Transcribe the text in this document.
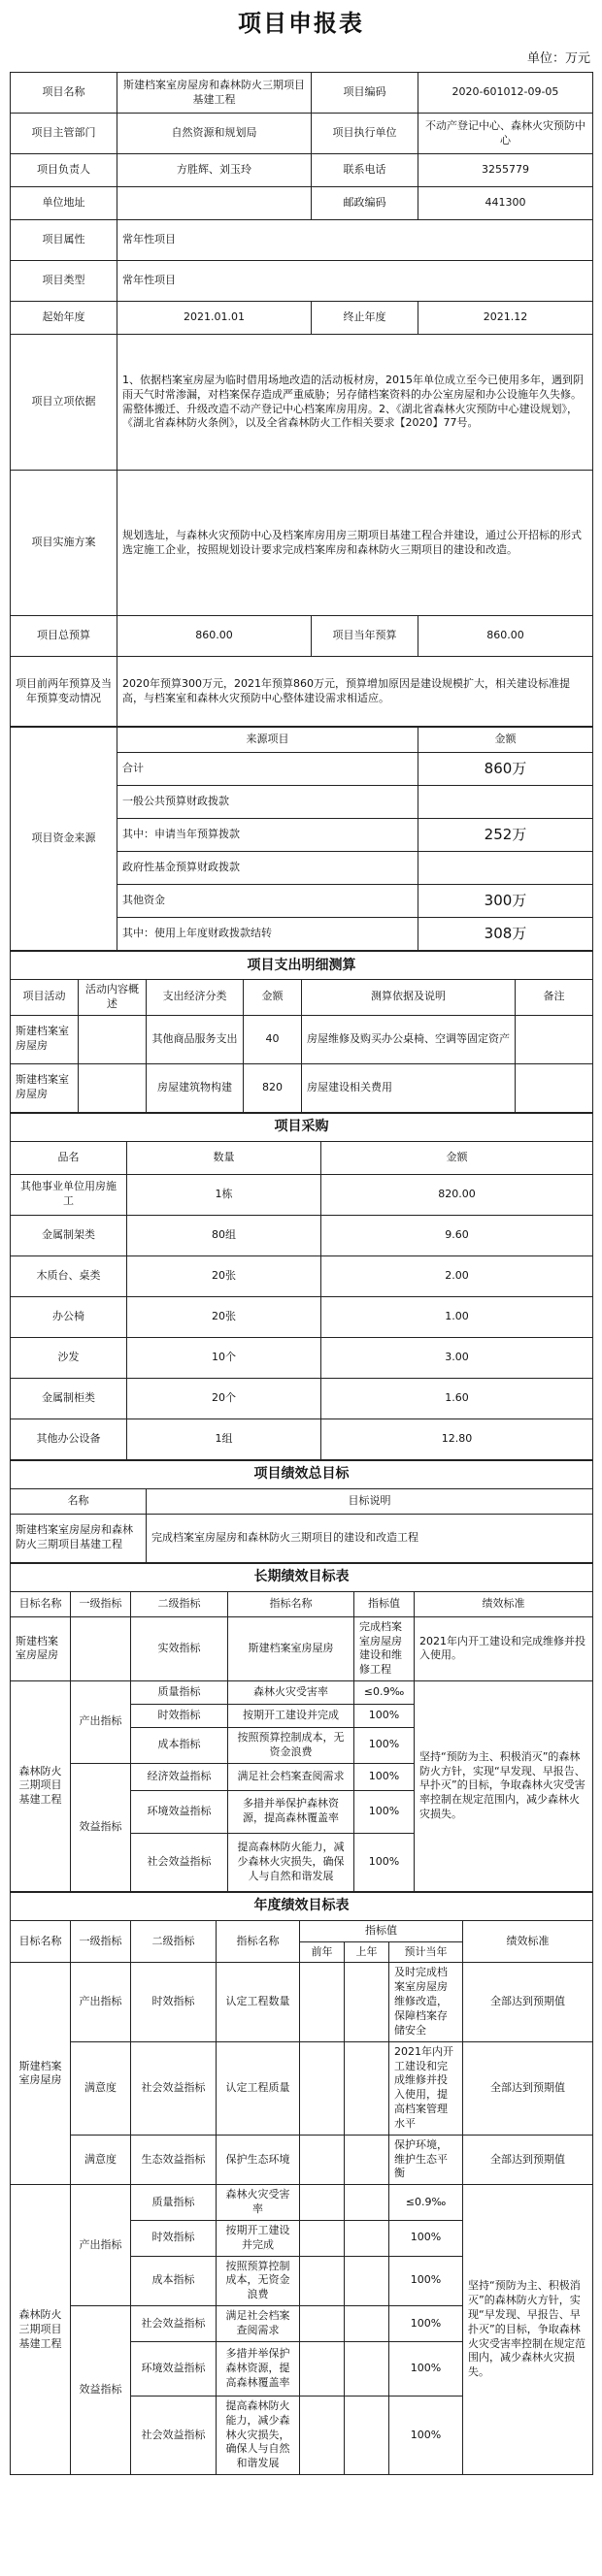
项目申报表
单位：万元
项目名称	斯建档案室房屋房和森林防火三期项目基建工程	项目编码	2020-601012-09-05
项目主管部门	自然资源和规划局	项目执行单位	不动产登记中心、森林火灾预防中心
项目负责人	方胜辉、刘玉玲	联系电话	3255779
单位地址		邮政编码	441300
项目属性	常年性项目		
项目类型	常年性项目		
起始年度	2021.01.01	终止年度	2021.12
项目立项依据	1、依据档案室房屋为临时借用场地改造的活动板材房，2015年单位成立至今已使用多年，遇到阴雨天气时常渗漏，对档案保存造成严重威胁；另存储档案资料的办公室房屋和办公设施年久失修。需整体搬迁、升级改造不动产登记中心档案库房用房。2、《湖北省森林火灾预防中心建设规划》，《湖北省森林防火条例》，以及全省森林防火工作相关要求【2020】77号。		
项目实施方案	规划选址，与森林火灾预防中心及档案库房用房三期项目基建工程合并建设，通过公开招标的形式选定施工企业，按照规划设计要求完成档案库房和森林防火三期项目的建设和改造。		
项目总预算	860.00	项目当年预算	860.00
项目前两年预算及当年预算变动情况	2020年预算300万元，2021年预算860万元，预算增加原因是建设规模扩大，相关建设标准提高，与档案室和森林火灾预防中心整体建设需求相适应。		
项目资金来源	来源项目	金额
	合计	860万
	一般公共预算财政拨款	
	其中：申请当年预算拨款	252万
	政府性基金预算财政拨款	
	其他资金	300万
	其中：使用上年度财政拨款结转	308万
项目支出明细测算					
项目活动	活动内容概述	支出经济分类	金额	测算依据及说明	备注
斯建档案室房屋房		其他商品服务支出	40	房屋维修及购买办公桌椅、空调等固定资产	
斯建档案室房屋房		房屋建筑物构建	820	房屋建设相关费用	
项目采购		
品名	数量	金额
其他事业单位用房施工	1栋	820.00
金属制架类	80组	9.60
木质台、桌类	20张	2.00
办公椅	20张	1.00
沙发	10个	3.00
金属制柜类	20个	1.60
其他办公设备	1组	12.80
项目绩效总目标	
名称	目标说明
斯建档案室房屋房和森林防火三期项目基建工程	完成档案室房屋房和森林防火三期项目的建设和改造工程
长期绩效目标表					
目标名称	一级指标	二级指标	指标名称	指标值	绩效标准
斯建档案室房屋房		实效指标	斯建档案室房屋房	完成档案室房屋房建设和维修工程	2021年内开工建设和完成维修并投入使用。
森林防火三期项目基建工程	产出指标	质量指标	森林火灾受害率	≤0.9‰	坚持“预防为主、积极消灭”的森林防火方针，实现“早发现、早报告、早扑灭”的目标，争取森林火灾受害率控制在规定范围内，减少森林火灾损失。
		时效指标	按期开工建设并完成	100%	
		成本指标	按照预算控制成本，无资金浪费	100%	
	效益指标	经济效益指标	满足社会档案查阅需求	100%	
		环境效益指标	多措并举保护森林资源，提高森林覆盖率	100%	
		社会效益指标	提高森林防火能力，减少森林火灾损失，确保人与自然和谐发展	100%	
年度绩效目标表							
目标名称	一级指标	二级指标	指标名称	指标值			绩效标准
				前年	上年	预计当年	
斯建档案室房屋房	产出指标	时效指标	认定工程数量			及时完成档案室房屋房维修改造，保障档案存储安全	全部达到预期值
	满意度	社会效益指标	认定工程质量			2021年内开工建设和完成维修并投入使用，提高档案管理水平	全部达到预期值
	满意度	生态效益指标	保护生态环境			保护环境，维护生态平衡	全部达到预期值
森林防火三期项目基建工程	产出指标	质量指标	森林火灾受害率			≤0.9‰	坚持“预防为主、积极消灭”的森林防火方针，实现“早发现、早报告、早扑灭”的目标，争取森林火灾受害率控制在规定范围内，减少森林火灾损失。
		时效指标	按期开工建设并完成			100%	
		成本指标	按照预算控制成本，无资金浪费			100%	
	效益指标	社会效益指标	满足社会档案查阅需求			100%	
		环境效益指标	多措并举保护森林资源，提高森林覆盖率			100%	
		社会效益指标	提高森林防火能力，减少森林火灾损失，确保人与自然和谐发展			100%	
